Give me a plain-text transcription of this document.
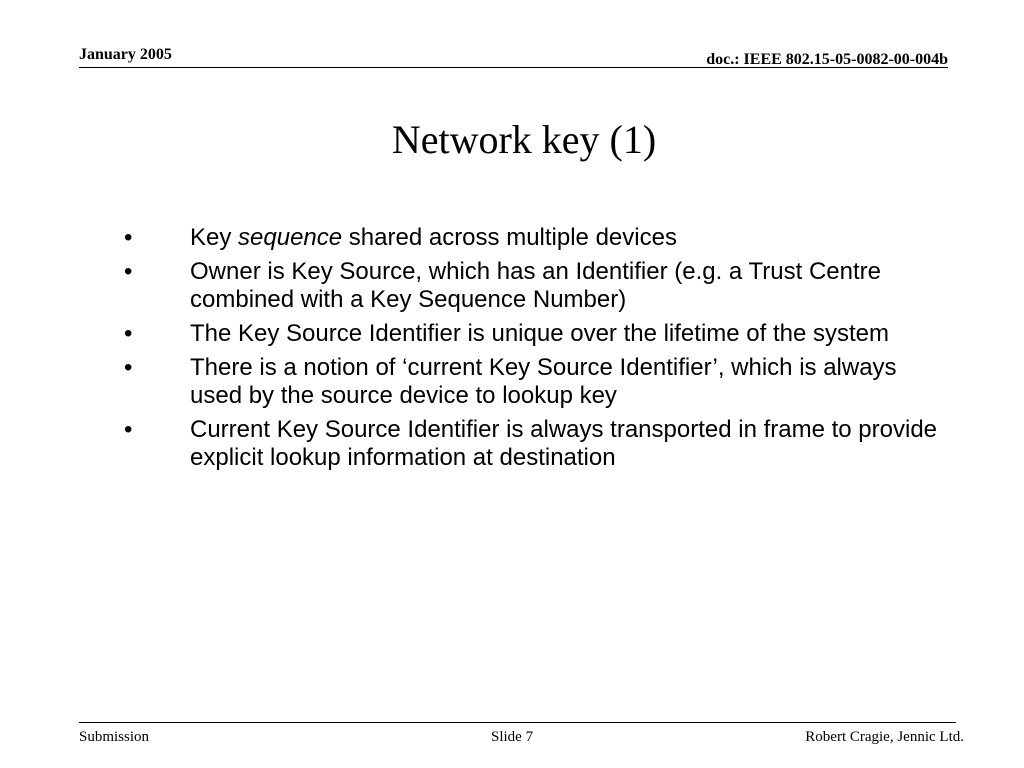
January 2005	doc.: IEEE 802.15-05-0082-00-004b
Network key (1)
• Key sequence shared across multiple devices
• Owner is Key Source, which has an Identifier (e.g. a Trust Centre combined with a Key Sequence Number)
• The Key Source Identifier is unique over the lifetime of the system
• There is a notion of ‘current Key Source Identifier’, which is always used by the source device to lookup key
• Current Key Source Identifier is always transported in frame to provide explicit lookup information at destination
Submission	Slide 7	Robert Cragie, Jennic Ltd.
